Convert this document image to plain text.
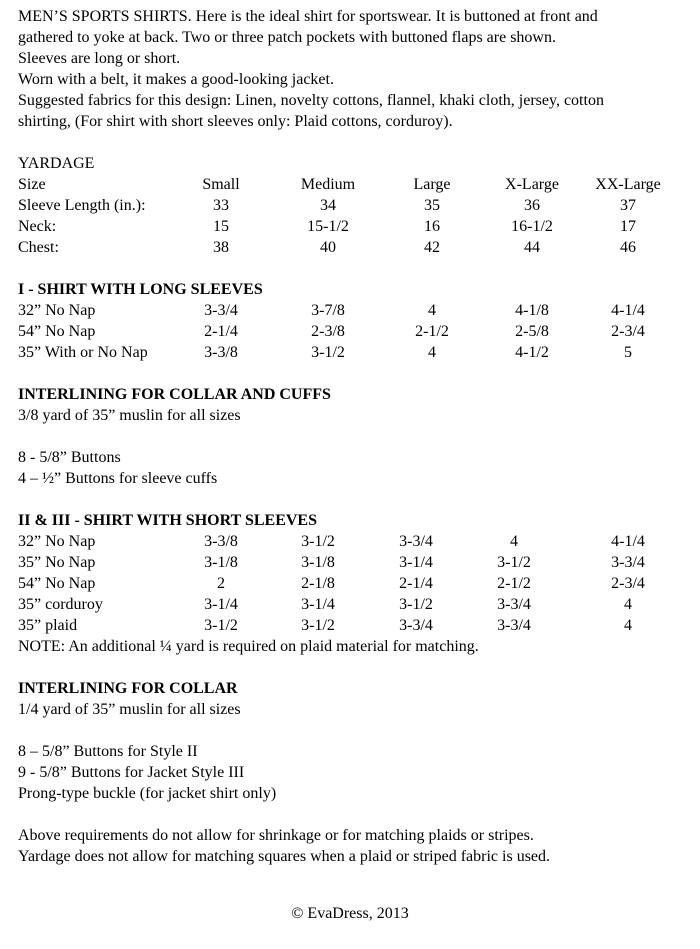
MEN’S SPORTS SHIRTS. Here is the ideal shirt for sportswear. It is buttoned at front and
gathered to yoke at back. Two or three patch pockets with buttoned flaps are shown.
Sleeves are long or short.
Worn with a belt, it makes a good-looking jacket.
Suggested fabrics for this design: Linen, novelty cottons, flannel, khaki cloth, jersey, cotton
shirting, (For shirt with short sleeves only: Plaid cottons, corduroy).
YARDAGE
Size	Small	Medium	Large	X-Large	XX-Large
Sleeve Length (in.):	33	34	35	36	37
Neck:	15	15-1/2	16	16-1/2	17
Chest:	38	40	42	44	46
I - SHIRT WITH LONG SLEEVES
32” No Nap	3-3/4	3-7/8	4	4-1/8	4-1/4
54” No Nap	2-1/4	2-3/8	2-1/2	2-5/8	2-3/4
35” With or No Nap	3-3/8	3-1/2	4	4-1/2	5
INTERLINING FOR COLLAR AND CUFFS
3/8 yard of 35” muslin for all sizes
8 - 5/8” Buttons
4 – ½” Buttons for sleeve cuffs
II & III - SHIRT WITH SHORT SLEEVES
32” No Nap	3-3/8	3-1/2	3-3/4	4	4-1/4
35” No Nap	3-1/8	3-1/8	3-1/4	3-1/2	3-3/4
54” No Nap	2	2-1/8	2-1/4	2-1/2	2-3/4
35” corduroy	3-1/4	3-1/4	3-1/2	3-3/4	4
35” plaid	3-1/2	3-1/2	3-3/4	3-3/4	4
NOTE: An additional ¼ yard is required on plaid material for matching.
INTERLINING FOR COLLAR
1/4 yard of 35” muslin for all sizes
8 – 5/8” Buttons for Style II
9 - 5/8” Buttons for Jacket Style III
Prong-type buckle (for jacket shirt only)
Above requirements do not allow for shrinkage or for matching plaids or stripes.
Yardage does not allow for matching squares when a plaid or striped fabric is used.
© EvaDress, 2013
